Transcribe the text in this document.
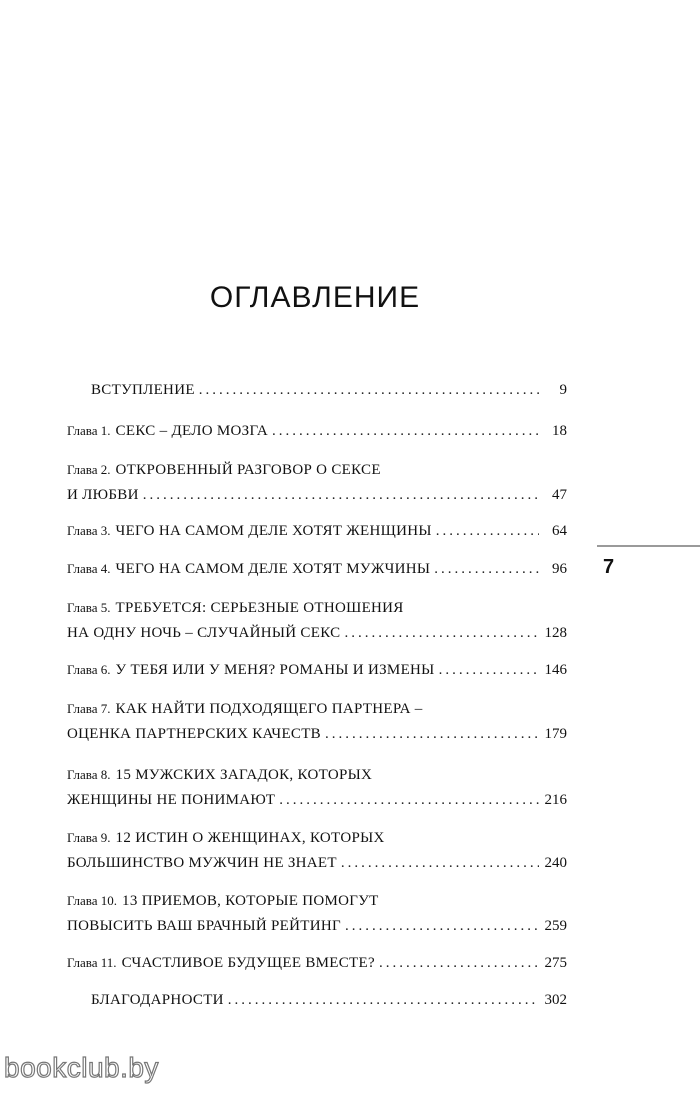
ОГЛАВЛЕНИЕ
ВСТУПЛЕНИЕ .....	9
Глава 1. СЕКС – ДЕЛО МОЗГА .....	18
Глава 2. ОТКРОВЕННЫЙ РАЗГОВОР О СЕКСЕ
И ЛЮБВИ .....	47
Глава 3. ЧЕГО НА САМОМ ДЕЛЕ ХОТЯТ ЖЕНЩИНЫ .....	64
Глава 4. ЧЕГО НА САМОМ ДЕЛЕ ХОТЯТ МУЖЧИНЫ .....	96
Глава 5. ТРЕБУЕТСЯ: СЕРЬЕЗНЫЕ ОТНОШЕНИЯ
НА ОДНУ НОЧЬ – СЛУЧАЙНЫЙ СЕКС .....	128
Глава 6. У ТЕБЯ ИЛИ У МЕНЯ? РОМАНЫ И ИЗМЕНЫ .....	146
Глава 7. КАК НАЙТИ ПОДХОДЯЩЕГО ПАРТНЕРА –
ОЦЕНКА ПАРТНЕРСКИХ КАЧЕСТВ .....	179
Глава 8. 15 МУЖСКИХ ЗАГАДОК, КОТОРЫХ
ЖЕНЩИНЫ НЕ ПОНИМАЮТ .....	216
Глава 9. 12 ИСТИН О ЖЕНЩИНАХ, КОТОРЫХ
БОЛЬШИНСТВО МУЖЧИН НЕ ЗНАЕТ .....	240
Глава 10. 13 ПРИЕМОВ, КОТОРЫЕ ПОМОГУТ
ПОВЫСИТЬ ВАШ БРАЧНЫЙ РЕЙТИНГ .....	259
Глава 11. СЧАСТЛИВОЕ БУДУЩЕЕ ВМЕСТЕ? .....	275
БЛАГОДАРНОСТИ .....	302
7
bookclub.by
